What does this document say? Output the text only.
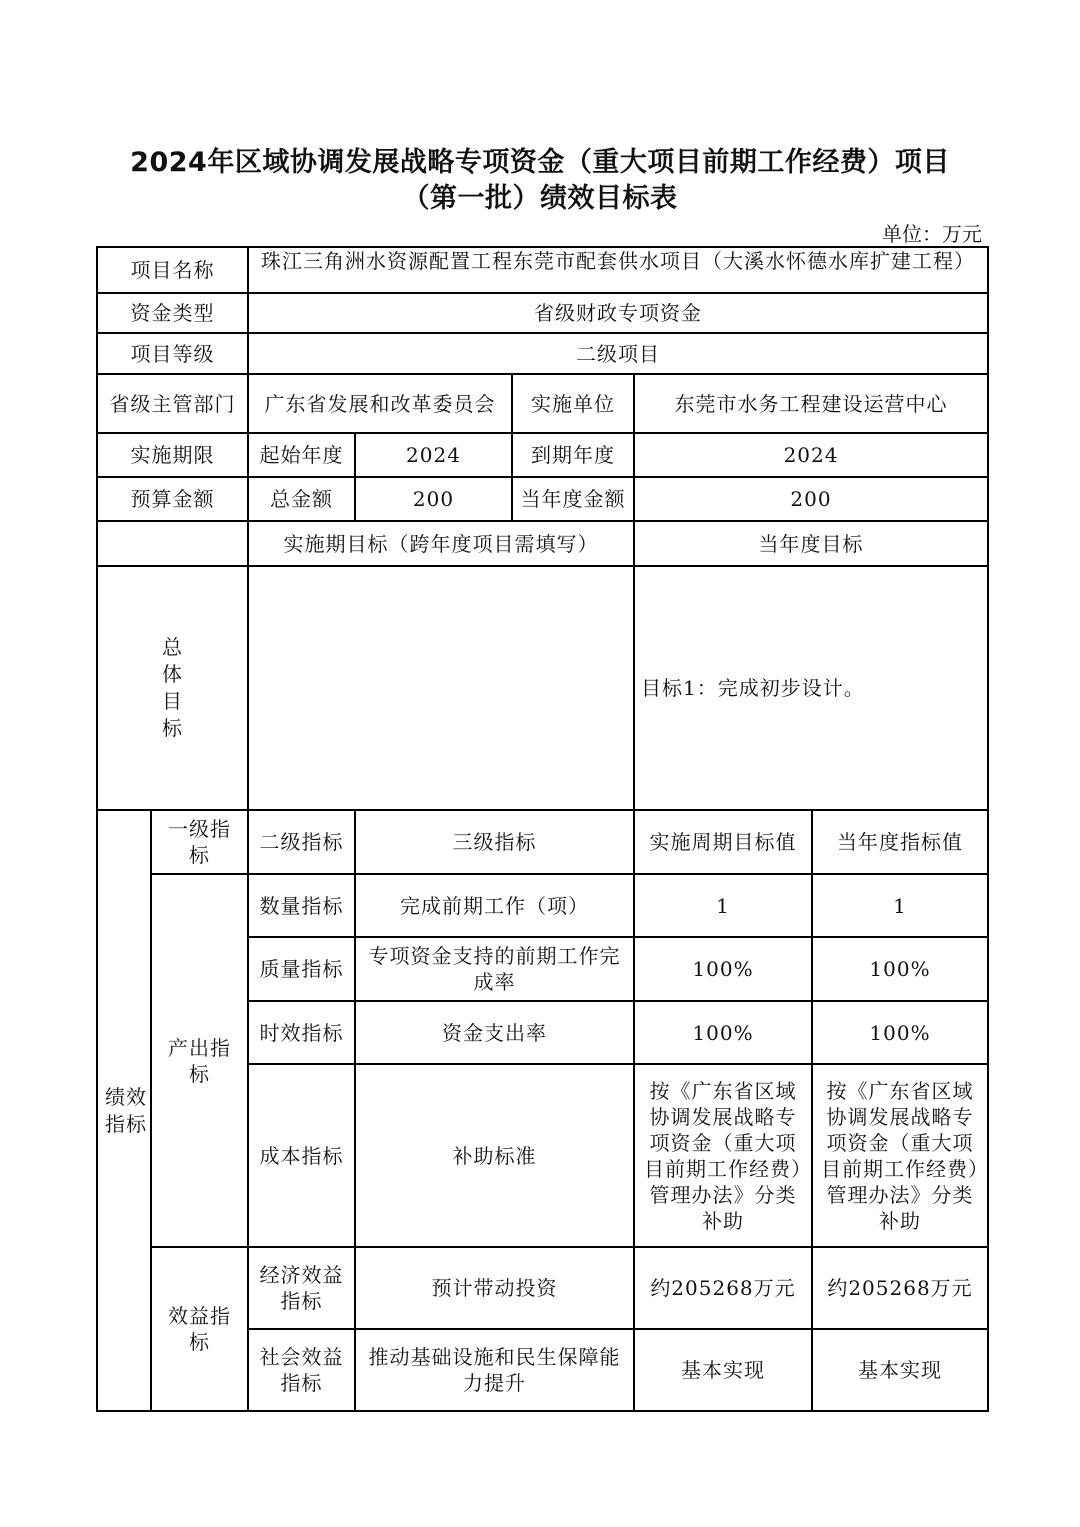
2024年区域协调发展战略专项资金（重大项目前期工作经费）项目
（第一批）绩效目标表
单位：万元
项目名称		珠江三角洲水资源配置工程东莞市配套供水项目（大溪水怀德水库扩建工程）				

资金类型		省级财政专项资金				
项目等级		二级项目				
省级主管部门		广东省发展和改革委员会		实施单位	东莞市水务工程建设运营中心	
实施期限		起始年度	2024	到期年度	2024	
预算金额		总金额	200	当年度金额	200	
		实施期目标（跨年度项目需填写）			当年度目标	

总体目标					目标1：完成初步设计。	

绩效指标	一级指标	二级指标	三级指标		实施周期目标值	当年度指标值
	产出指标	数量指标	完成前期工作（项）		1	1
		质量指标	专项资金支持的前期工作完成率		100%	100%
		时效指标	资金支出率		100%	100%
		成本指标	补助标准		按《广东省区域协调发展战略专项资金（重大项目前期工作经费）管理办法》分类补助	按《广东省区域协调发展战略专项资金（重大项目前期工作经费）管理办法》分类补助
	效益指标	经济效益指标	预计带动投资		约205268万元	约205268万元
		社会效益指标	推动基础设施和民生保障能力提升		基本实现	基本实现
